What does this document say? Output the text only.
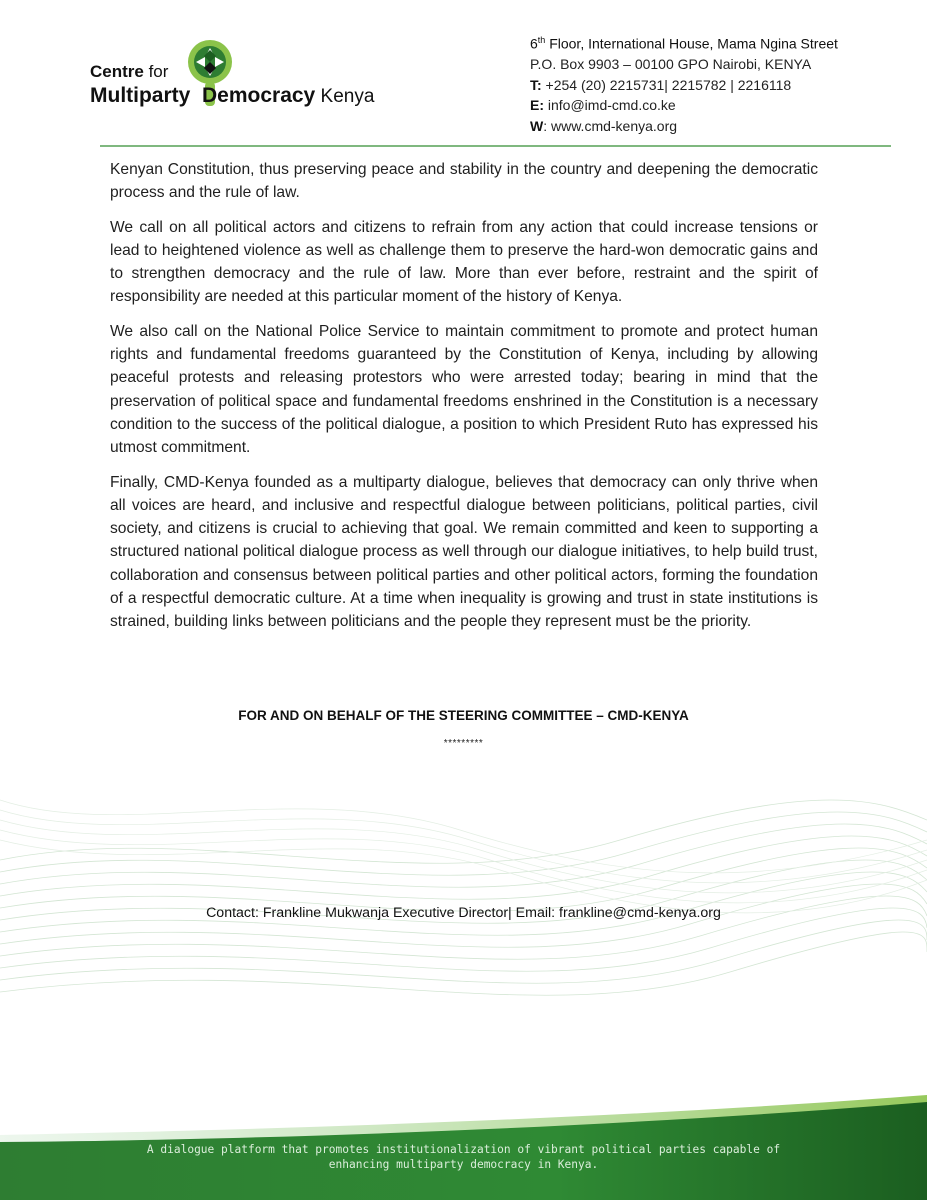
Centre for
Multiparty  Democracy Kenya
6th Floor, International House, Mama Ngina Street
P.O. Box 9903 – 00100 GPO Nairobi, KENYA
T: +254 (20) 2215731| 2215782 | 2216118
E: info@imd-cmd.co.ke
W: www.cmd-kenya.org

Kenyan Constitution, thus preserving peace and stability in the country and deepening the democratic process and the rule of law.

We call on all political actors and citizens to refrain from any action that could increase tensions or lead to heightened violence as well as challenge them to preserve the hard-won democratic gains and to strengthen democracy and the rule of law. More than ever before, restraint and the spirit of responsibility are needed at this particular moment of the history of Kenya.

We also call on the National Police Service to maintain commitment to promote and protect human rights and fundamental freedoms guaranteed by the Constitution of Kenya, including by allowing peaceful protests and releasing protestors who were arrested today; bearing in mind that the preservation of political space and fundamental freedoms enshrined in the Constitution is a necessary condition to the success of the political dialogue, a position to which President Ruto has expressed his utmost commitment.

Finally, CMD-Kenya founded as a multiparty dialogue, believes that democracy can only thrive when all voices are heard, and inclusive and respectful dialogue between politicians, political parties, civil society, and citizens is crucial to achieving that goal. We remain committed and keen to supporting a structured national political dialogue process as well through our dialogue initiatives, to help build trust, collaboration and consensus between political parties and other political actors, forming the foundation of a respectful democratic culture. At a time when inequality is growing and trust in state institutions is strained, building links between politicians and the people they represent must be the priority.

FOR AND ON BEHALF OF THE STEERING COMMITTEE – CMD-KENYA
*********
Contact: Frankline Mukwanja Executive Director| Email: frankline@cmd-kenya.org
A dialogue platform that promotes institutionalization of vibrant political parties capable of
enhancing multiparty democracy in Kenya.
